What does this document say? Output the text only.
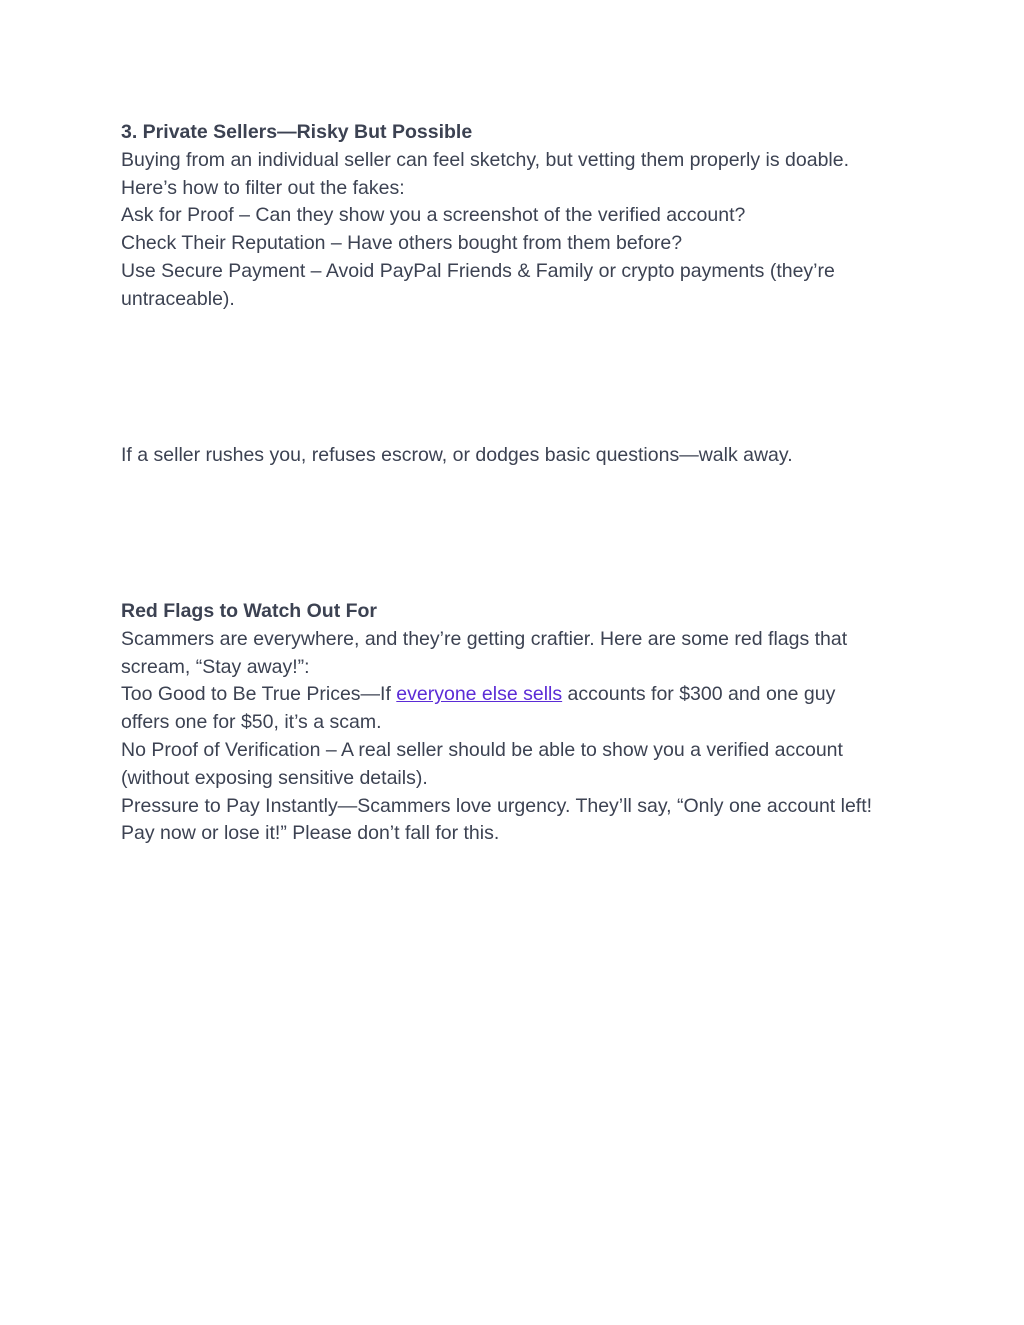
3. Private Sellers—Risky But Possible
Buying from an individual seller can feel sketchy, but vetting them properly is doable.
Here’s how to filter out the fakes:
Ask for Proof – Can they show you a screenshot of the verified account?
Check Their Reputation – Have others bought from them before?
Use Secure Payment – Avoid PayPal Friends & Family or crypto payments (they’re
untraceable).
If a seller rushes you, refuses escrow, or dodges basic questions—walk away.
Red Flags to Watch Out For
Scammers are everywhere, and they’re getting craftier. Here are some red flags that
scream, “Stay away!”:
Too Good to Be True Prices—If everyone else sells accounts for $300 and one guy
offers one for $50, it’s a scam.
No Proof of Verification – A real seller should be able to show you a verified account
(without exposing sensitive details).
Pressure to Pay Instantly—Scammers love urgency. They’ll say, “Only one account left!
Pay now or lose it!” Please don’t fall for this.
